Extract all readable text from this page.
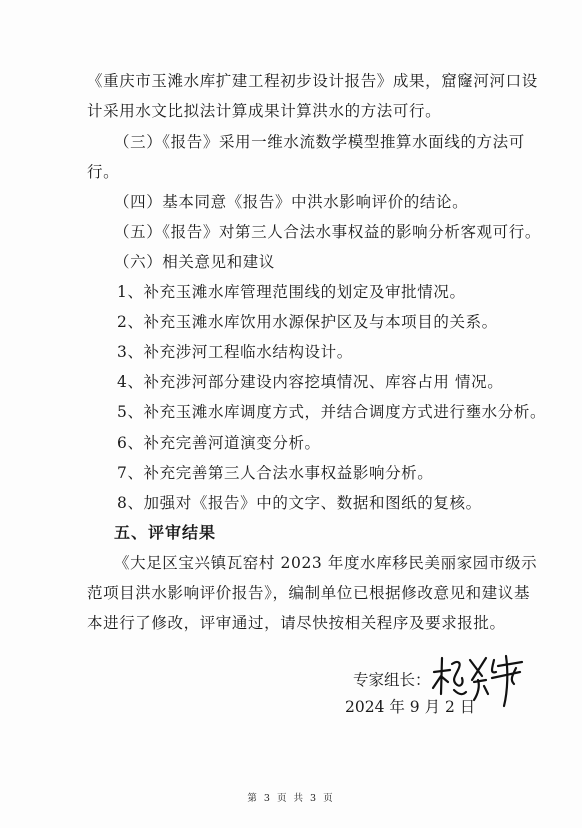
《重庆市玉滩水库扩建工程初步设计报告》成果，窟窿河河口设
计采用水文比拟法计算成果计算洪水的方法可行。
（三）《报告》采用一维水流数学模型推算水面线的方法可
行。
（四）基本同意《报告》中洪水影响评价的结论。
（五）《报告》对第三人合法水事权益的影响分析客观可行。
（六）相关意见和建议
1、补充玉滩水库管理范围线的划定及审批情况。
2、补充玉滩水库饮用水源保护区及与本项目的关系。
3、补充涉河工程临水结构设计。
4、补充涉河部分建设内容挖填情况、库容占用 情况。
5、补充玉滩水库调度方式，并结合调度方式进行壅水分析。
6、补充完善河道演变分析。
7、补充完善第三人合法水事权益影响分析。
8、加强对《报告》中的文字、数据和图纸的复核。
五、评审结果
《大足区宝兴镇瓦窑村 2023 年度水库移民美丽家园市级示
范项目洪水影响评价报告》，编制单位已根据修改意见和建议基
本进行了修改，评审通过，请尽快按相关程序及要求报批。
专家组长：
2024 年 9 月 2 日
第 3 页 共 3 页
